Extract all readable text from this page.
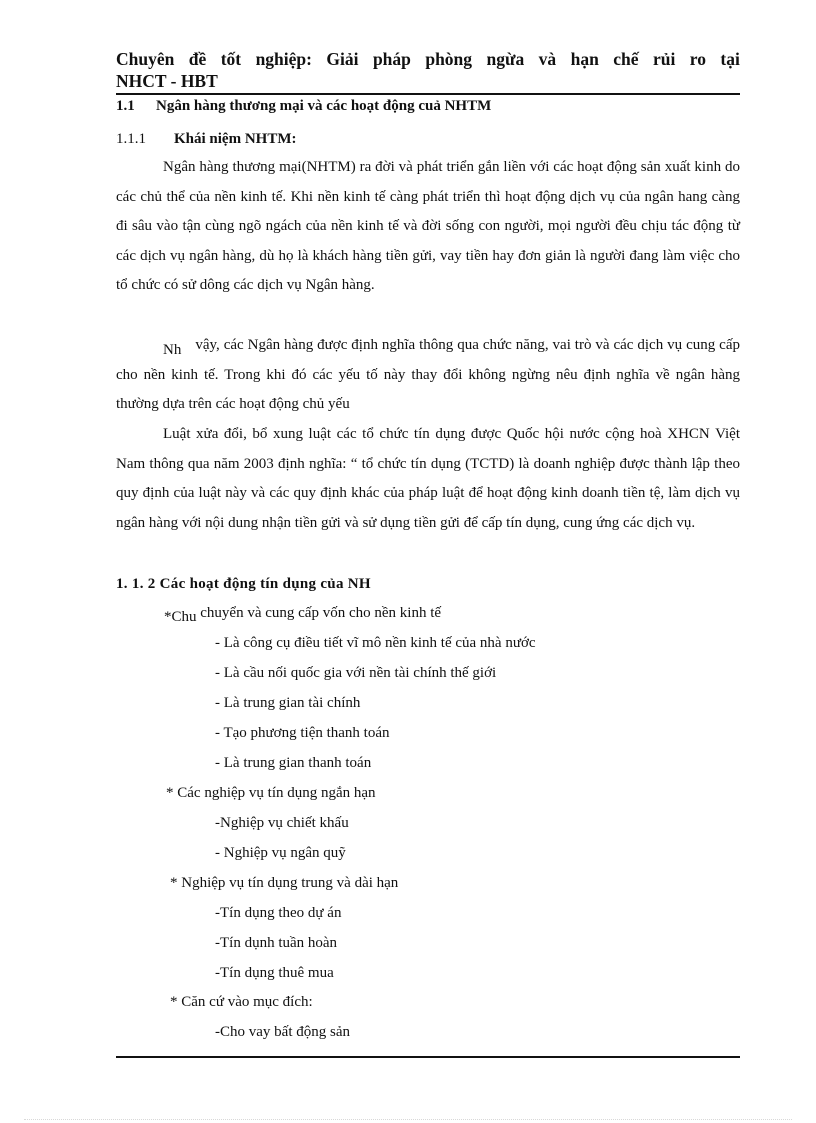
Chuyên đề tốt nghiệp: Giải pháp phòng ngừa và hạn chế rủi ro tại
NHCT - HBT
1.1 Ngân hàng thương mại và các hoạt động cuả NHTM
1.1.1 Khái niệm NHTM:
Ngân hàng thương mại(NHTM) ra đời và phát triển gắn liền với các hoạt động sản xuất kinh do các chủ thể của nền kinh tế. Khi nền kinh tế càng phát triển thì hoạt động dịch vụ của ngân hang càng đi sâu vào tận cùng ngõ ngách của nền kinh tế và đời sống con người, mọi người đều chịu tác động từ các dịch vụ ngân hàng, dù họ là khách hàng tiền gửi, vay tiền hay đơn giản là người đang làm việc cho tổ chức có sử dông các dịch vụ Ngân hàng.
Nh vậy, các Ngân hàng được định nghĩa thông qua chức năng, vai trò và các dịch vụ cung cấp cho nền kinh tế. Trong khi đó các yếu tố này thay đổi không ngừng nêu định nghĩa về ngân hàng thường dựa trên các hoạt động chủ yếu
Luật xửa đổi, bổ xung luật các tổ chức tín dụng được Quốc hội nước cộng hoà XHCN Việt Nam thông qua năm 2003 định nghĩa: “ tổ chức tín dụng (TCTD) là doanh nghiệp được thành lập theo quy định của luật này và các quy định khác của pháp luật để hoạt động kinh doanh tiền tệ, làm dịch vụ ngân hàng với nội dung nhận tiền gửi và sử dụng tiền gửi để cấp tín dụng, cung ứng các dịch vụ.
1. 1. 2 Các hoạt động tín dụng của NH
*Chu chuyển và cung cấp vốn cho nền kinh tế
- Là công cụ điều tiết vĩ mô nền kinh tế của nhà nước
- Là cầu nối quốc gia với nền tài chính thế giới
- Là trung gian tài chính
- Tạo phương tiện thanh toán
- Là trung gian thanh toán
* Các nghiệp vụ tín dụng ngắn hạn
-Nghiệp vụ chiết khấu
- Nghiệp vụ ngân quỹ
* Nghiệp vụ tín dụng trung và dài hạn
-Tín dụng theo dự án
-Tín dụnh tuần hoàn
-Tín dụng thuê mua
* Căn cứ vào mục đích:
-Cho vay bất động sản
